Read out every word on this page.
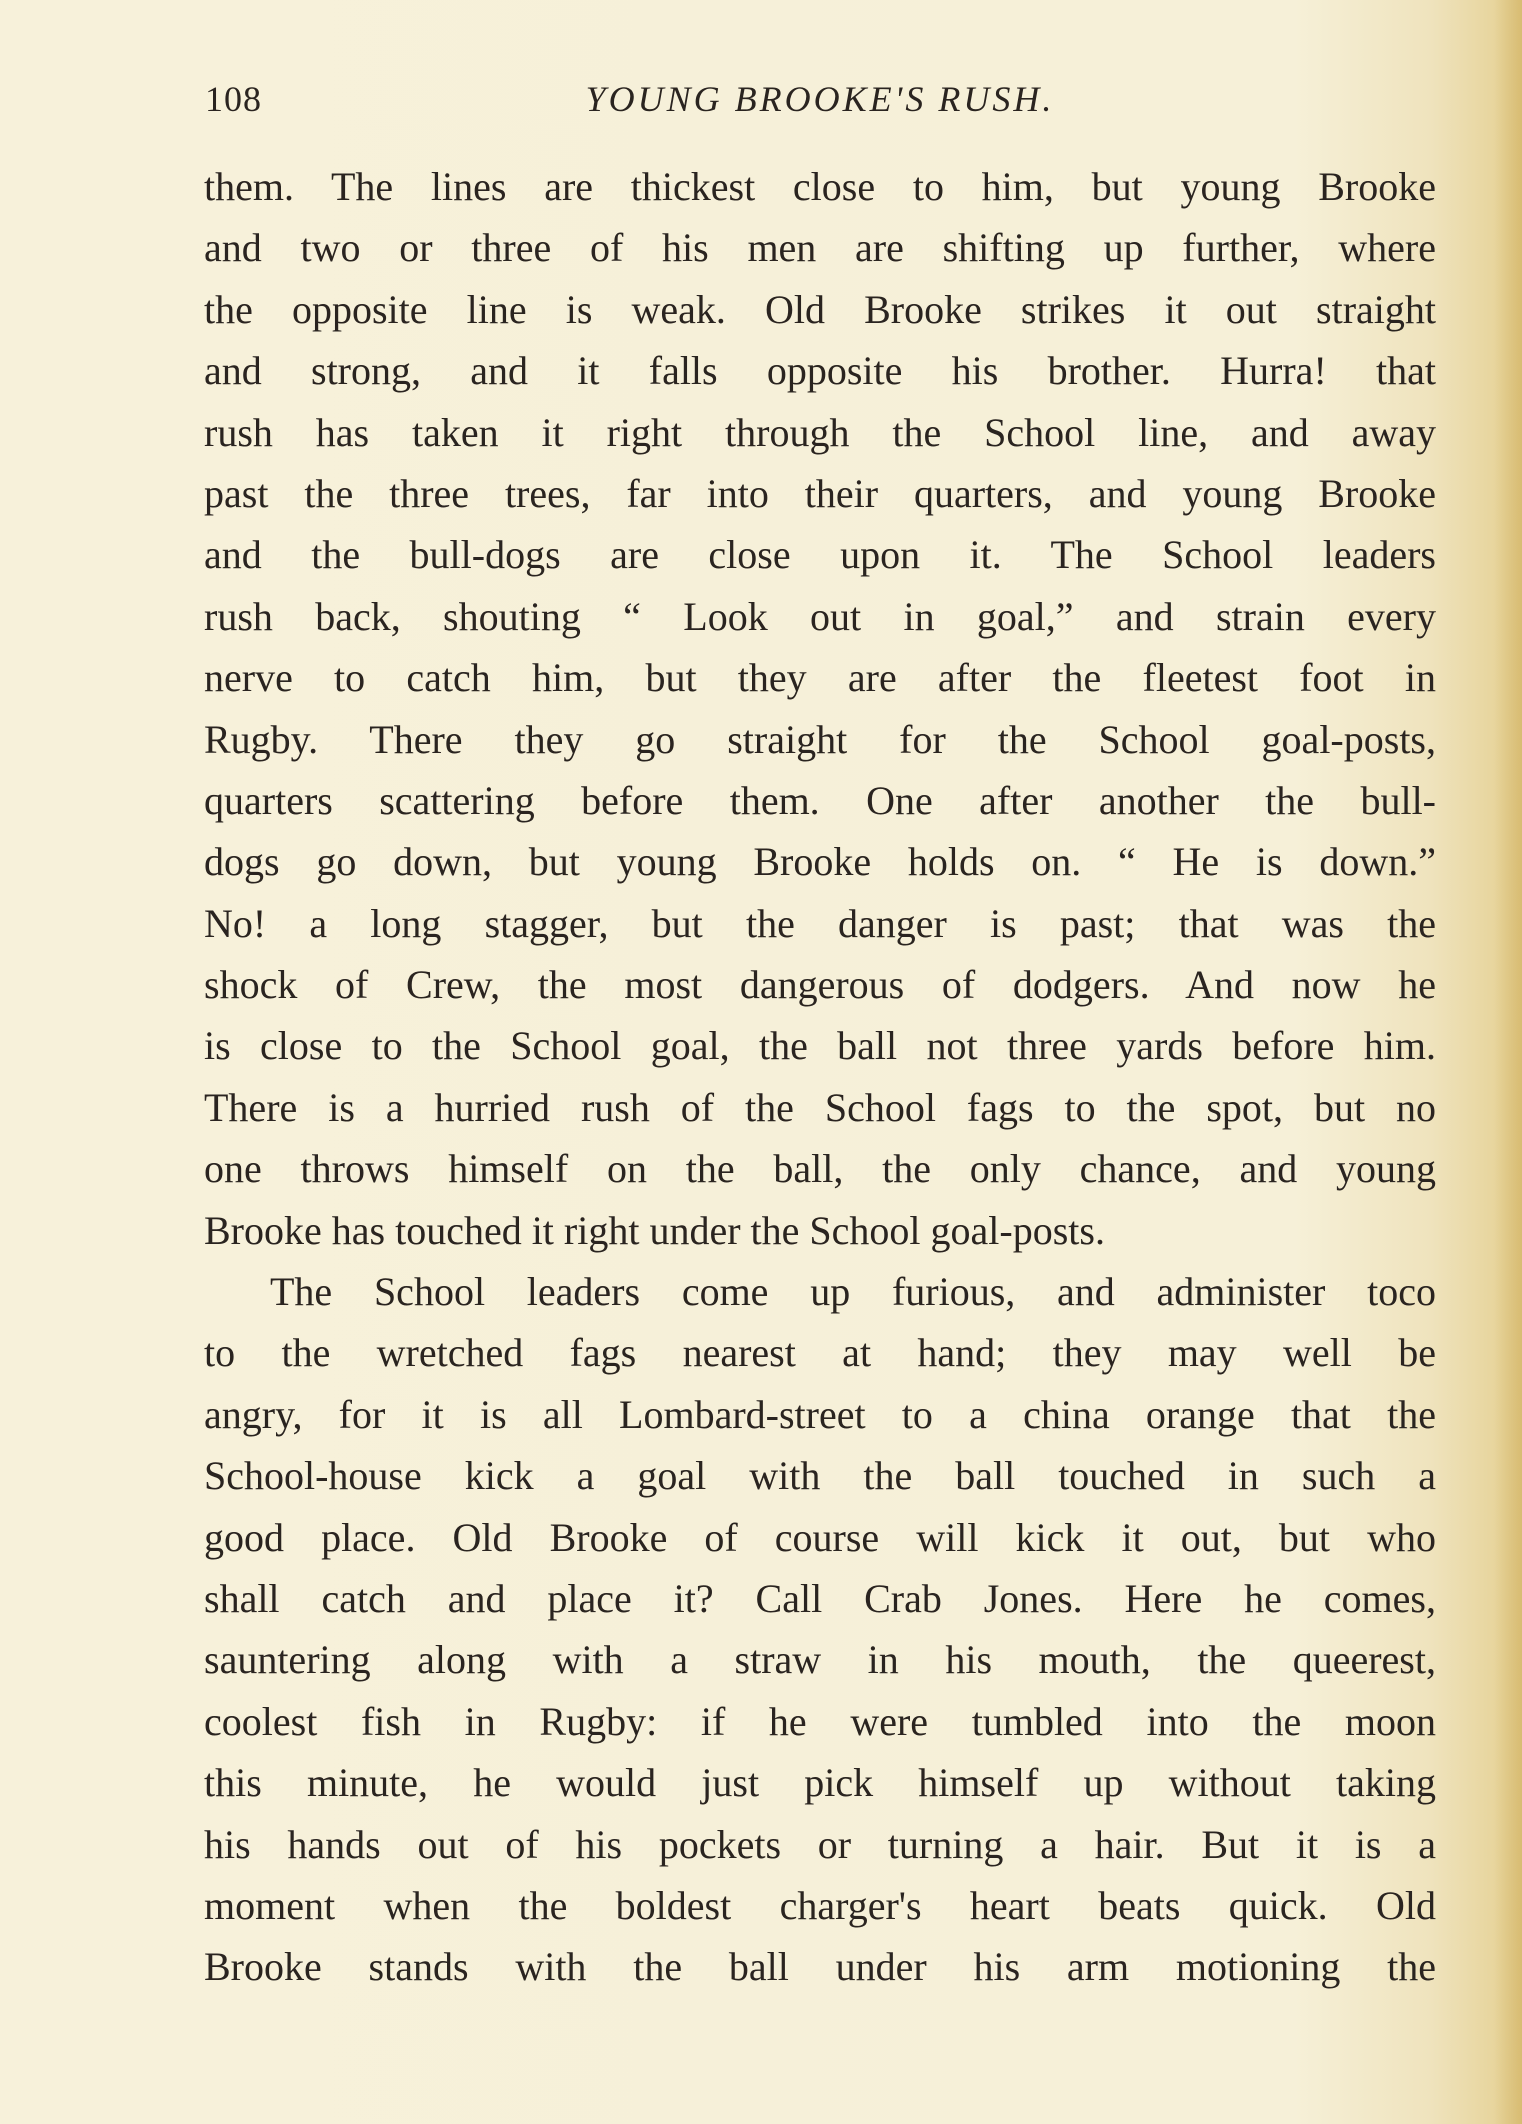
108	YOUNG BROOKE'S RUSH.
them. The lines are thickest close to him, but young Brooke
and two or three of his men are shifting up further, where
the opposite line is weak. Old Brooke strikes it out straight
and strong, and it falls opposite his brother. Hurra! that
rush has taken it right through the School line, and away
past the three trees, far into their quarters, and young Brooke
and the bull-dogs are close upon it. The School leaders
rush back, shouting “ Look out in goal,” and strain every
nerve to catch him, but they are after the fleetest foot in
Rugby. There they go straight for the School goal-posts,
quarters scattering before them. One after another the bull-
dogs go down, but young Brooke holds on. “ He is down.”
No! a long stagger, but the danger is past; that was the
shock of Crew, the most dangerous of dodgers. And now he
is close to the School goal, the ball not three yards before him.
There is a hurried rush of the School fags to the spot, but no
one throws himself on the ball, the only chance, and young
Brooke has touched it right under the School goal-posts.
The School leaders come up furious, and administer toco
to the wretched fags nearest at hand; they may well be
angry, for it is all Lombard-street to a china orange that the
School-house kick a goal with the ball touched in such a
good place. Old Brooke of course will kick it out, but who
shall catch and place it? Call Crab Jones. Here he comes,
sauntering along with a straw in his mouth, the queerest,
coolest fish in Rugby: if he were tumbled into the moon
this minute, he would just pick himself up without taking
his hands out of his pockets or turning a hair. But it is a
moment when the boldest charger's heart beats quick. Old
Brooke stands with the ball under his arm motioning the
